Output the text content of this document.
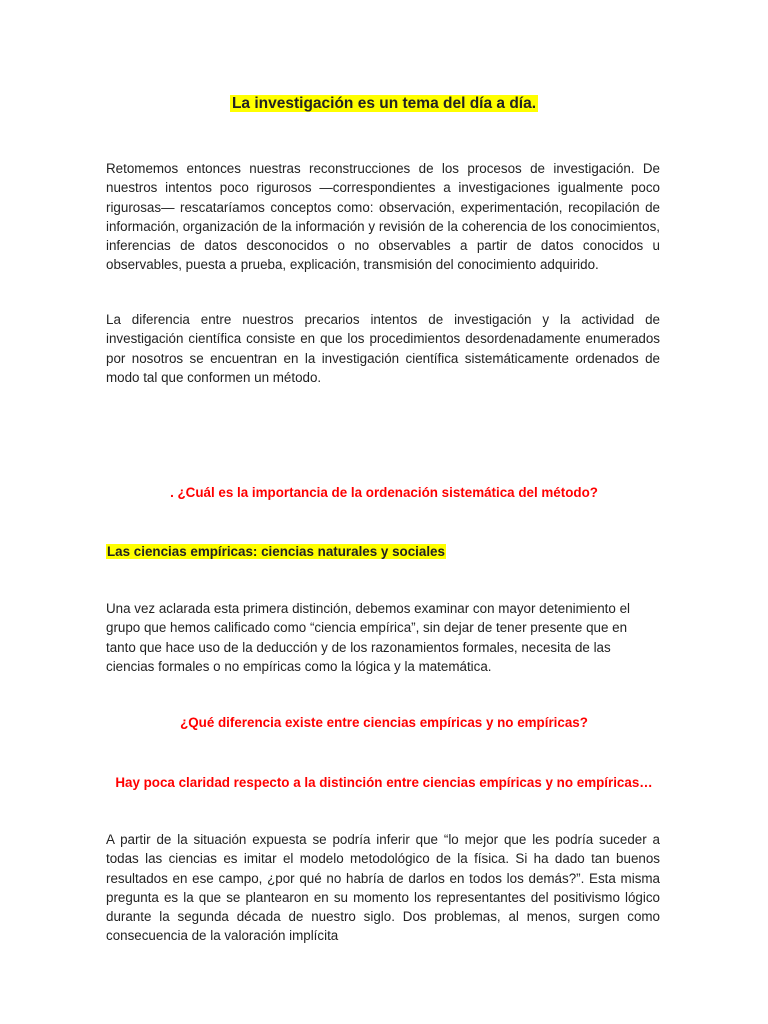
La investigación es un tema del día a día.

Retomemos entonces nuestras reconstrucciones de los procesos de investigación. De nuestros intentos poco rigurosos —correspondientes a investigaciones igualmente poco rigurosas— rescataríamos conceptos como: observación, experimentación, recopilación de información, organización de la información y revisión de la coherencia de los conocimientos, inferencias de datos desconocidos o no observables a partir de datos conocidos u observables, puesta a prueba, explicación, transmisión del conocimiento adquirido.

La diferencia entre nuestros precarios intentos de investigación y la actividad de investigación científica consiste en que los procedimientos desordenadamente enumerados por nosotros se encuentran en la investigación científica sistemáticamente ordenados de modo tal que conformen un método.

. ¿Cuál es la importancia de la ordenación sistemática del método?
Las ciencias empíricas: ciencias naturales y sociales

Una vez aclarada esta primera distinción, debemos examinar con mayor detenimiento el grupo que hemos calificado como “ciencia empírica”, sin dejar de tener presente que en tanto que hace uso de la deducción y de los razonamientos formales, necesita de las ciencias formales o no empíricas como la lógica y la matemática.

¿Qué diferencia existe entre ciencias empíricas y no empíricas?
Hay poca claridad respecto a la distinción entre ciencias empíricas y no empíricas…

A partir de la situación expuesta se podría inferir que “lo mejor que les podría suceder a todas las ciencias es imitar el modelo metodológico de la física. Si ha dado tan buenos resultados en ese campo, ¿por qué no habría de darlos en todos los demás?”. Esta misma pregunta es la que se plantearon en su momento los representantes del positivismo lógico durante la segunda década de nuestro siglo. Dos problemas, al menos, surgen como consecuencia de la valoración implícita
